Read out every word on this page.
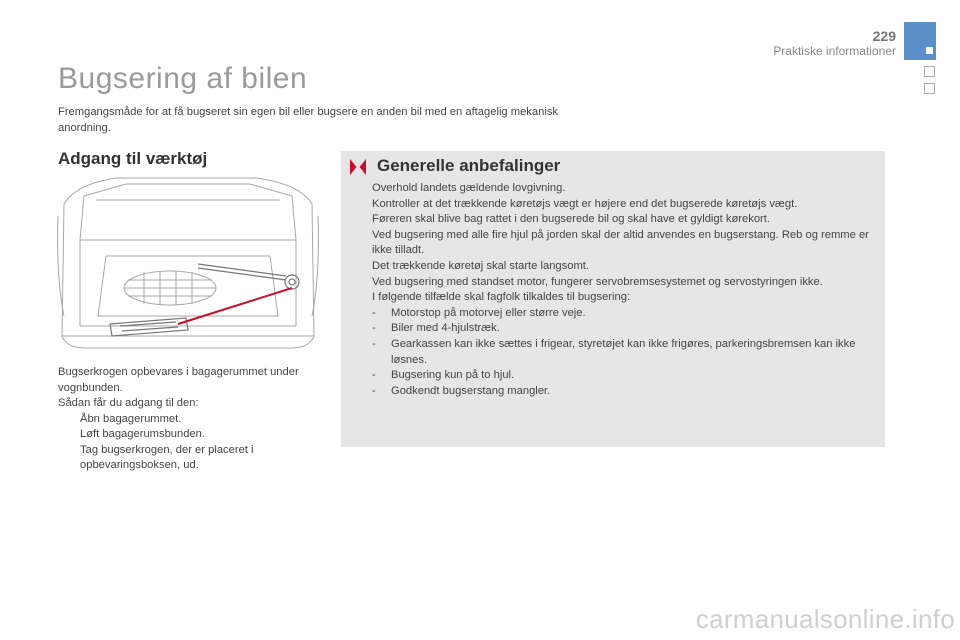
229
Praktiske informationer
Bugsering af bilen

Fremgangsmåde for at få bugseret sin egen bil eller bugsere en anden bil med en aftagelig mekanisk anordning.

Adgang til værktøj

Bugserkrogen opbevares i bagagerummet under vognbunden.

Sådan får du adgang til den:

Åbn bagagerummet.
Løft bagagerumsbunden.
Tag bugserkrogen, der er placeret i opbevaringsboksen, ud.
Generelle anbefalinger

Overhold landets gældende lovgivning.

Kontroller at det trækkende køretøjs vægt er højere end det bugserede køretøjs vægt.

Føreren skal blive bag rattet i den bugserede bil og skal have et gyldigt kørekort.

Ved bugsering med alle fire hjul på jorden skal der altid anvendes en bugserstang. Reb og remme er ikke tilladt.

Det trækkende køretøj skal starte langsomt.

Ved bugsering med standset motor, fungerer servobremsesystemet og servostyringen ikke.

I følgende tilfælde skal fagfolk tilkaldes til bugsering:

- Motorstop på motorvej eller større veje.
- Biler med 4-hjulstræk.
- Gearkassen kan ikke sættes i frigear, styretøjet kan ikke frigøres, parkeringsbremsen kan ikke løsnes.
- Bugsering kun på to hjul.
- Godkendt bugserstang mangler.
carmanualsonline.info
